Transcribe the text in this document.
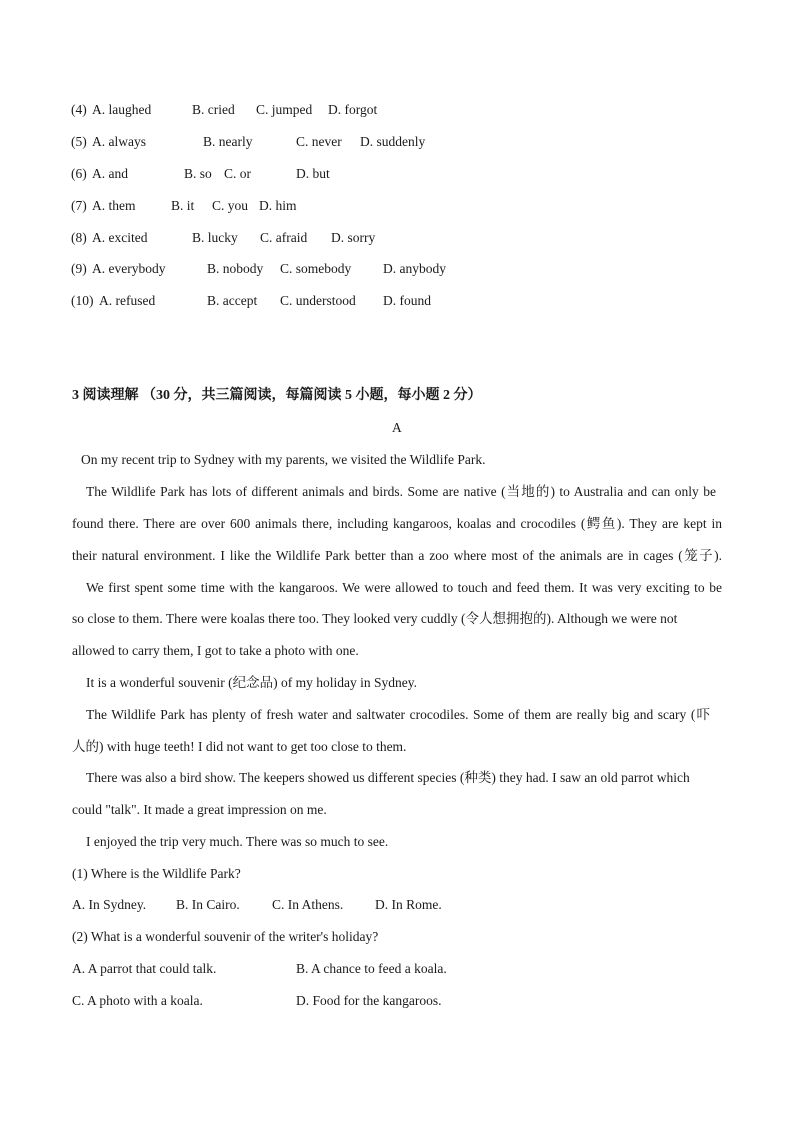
(4) A. laughed	B. cried C. jumped D. forgot
(5) A. always	B. nearly	C. never D. suddenly
(6) A. and	B. so C. or	D. but
(7) A. them	B. it C. you D. him
(8) A. excited	B. lucky C. afraid D. sorry
(9) A. everybody	B. nobody C. somebody D. anybody
(10) A. refused	B. accept C. understood D. found
3 阅读理解 （30 分，共三篇阅读，每篇阅读 5 小题，每小题 2 分）
A
On my recent trip to Sydney with my parents, we visited the Wildlife Park.
The Wildlife Park has lots of different animals and birds. Some are native (当地的) to Australia and can only be
found there. There are over 600 animals there, including kangaroos, koalas and crocodiles (鳄鱼). They are kept in
their natural environment. I like the Wildlife Park better than a zoo where most of the animals are in cages (笼子).
We first spent some time with the kangaroos. We were allowed to touch and feed them. It was very exciting to be
so close to them. There were koalas there too. They looked very cuddly (令人想拥抱的). Although we were not
allowed to carry them, I got to take a photo with one.
It is a wonderful souvenir (纪念品) of my holiday in Sydney.
The Wildlife Park has plenty of fresh water and saltwater crocodiles. Some of them are really big and scary (吓
人的) with huge teeth! I did not want to get too close to them.
There was also a bird show. The keepers showed us different species (种类) they had. I saw an old parrot which
could "talk". It made a great impression on me.
I enjoyed the trip very much. There was so much to see.
(1) Where is the Wildlife Park?
A. In Sydney. B. In Cairo. C. In Athens. D. In Rome.
(2) What is a wonderful souvenir of the writer's holiday?
A. A parrot that could talk.	B. A chance to feed a koala.
C. A photo with a koala.	D. Food for the kangaroos.
